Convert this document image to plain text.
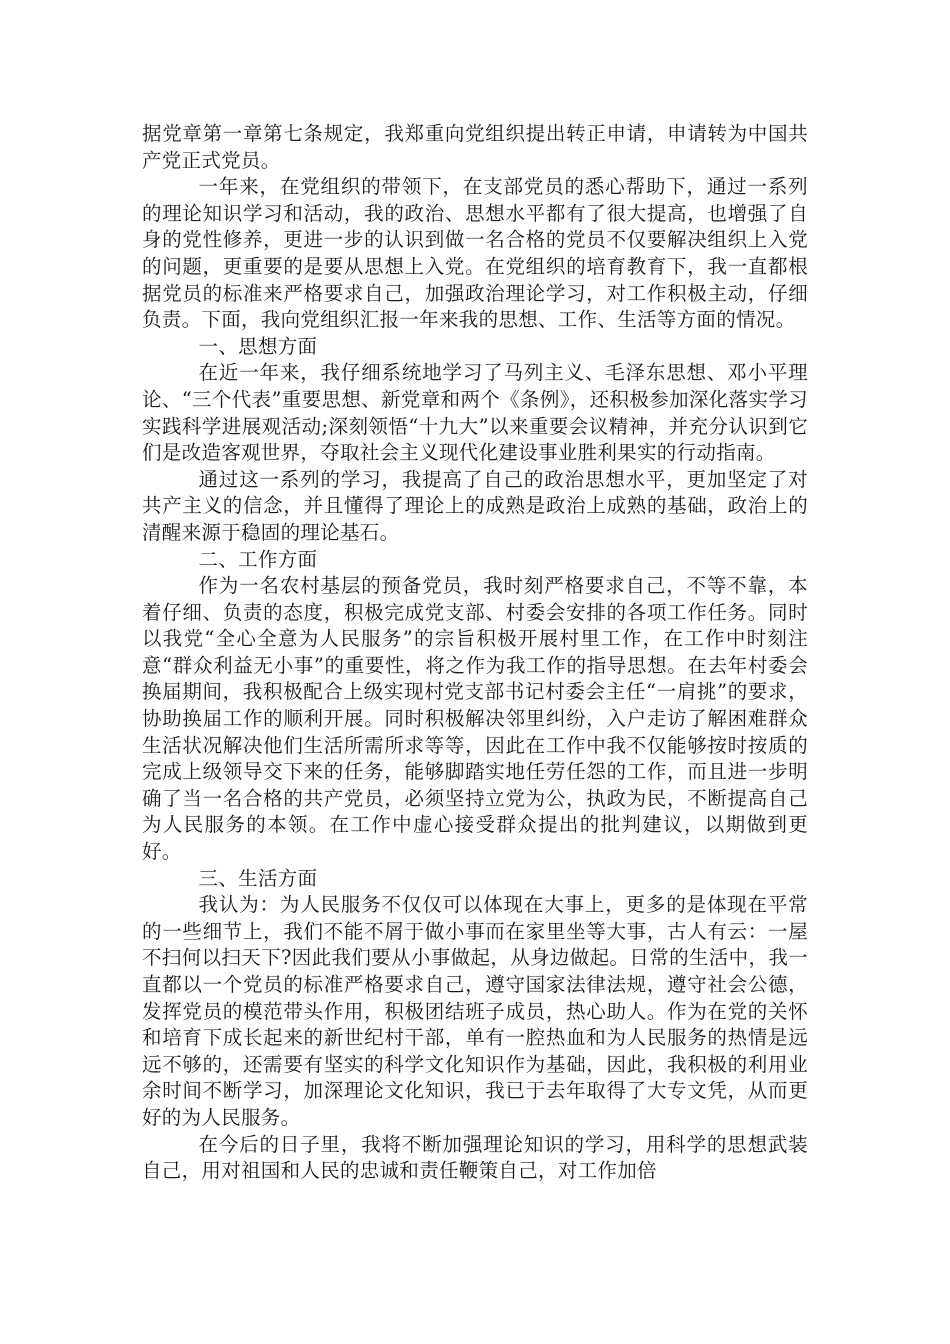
据党章第一章第七条规定，我郑重向党组织提出转正申请，申请转为中国共产党正式党员。

一年来，在党组织的带领下，在支部党员的悉心帮助下，通过一系列的理论知识学习和活动，我的政治、思想水平都有了很大提高，也增强了自身的党性修养，更进一步的认识到做一名合格的党员不仅要解决组织上入党的问题，更重要的是要从思想上入党。在党组织的培育教育下，我一直都根据党员的标准来严格要求自己，加强政治理论学习，对工作积极主动，仔细负责。下面，我向党组织汇报一年来我的思想、工作、生活等方面的情况。

一、思想方面

在近一年来，我仔细系统地学习了马列主义、毛泽东思想、邓小平理论、“三个代表”重要思想、新党章和两个《条例》，还积极参加深化落实学习实践科学进展观活动;深刻领悟“十九大”以来重要会议精神，并充分认识到它们是改造客观世界，夺取社会主义现代化建设事业胜利果实的行动指南。

通过这一系列的学习，我提高了自己的政治思想水平，更加坚定了对共产主义的信念，并且懂得了理论上的成熟是政治上成熟的基础，政治上的清醒来源于稳固的理论基石。

二、工作方面

作为一名农村基层的预备党员，我时刻严格要求自己，不等不靠，本着仔细、负责的态度，积极完成党支部、村委会安排的各项工作任务。同时以我党“全心全意为人民服务”的宗旨积极开展村里工作，在工作中时刻注意“群众利益无小事”的重要性，将之作为我工作的指导思想。在去年村委会换届期间，我积极配合上级实现村党支部书记村委会主任“一肩挑”的要求，协助换届工作的顺利开展。同时积极解决邻里纠纷，入户走访了解困难群众生活状况解决他们生活所需所求等等，因此在工作中我不仅能够按时按质的完成上级领导交下来的任务，能够脚踏实地任劳任怨的工作，而且进一步明确了当一名合格的共产党员，必须坚持立党为公，执政为民，不断提高自己为人民服务的本领。在工作中虚心接受群众提出的批判建议，以期做到更好。

三、生活方面

我认为：为人民服务不仅仅可以体现在大事上，更多的是体现在平常的一些细节上，我们不能不屑于做小事而在家里坐等大事，古人有云：一屋不扫何以扫天下?因此我们要从小事做起，从身边做起。日常的生活中，我一直都以一个党员的标准严格要求自己，遵守国家法律法规，遵守社会公德，发挥党员的模范带头作用，积极团结班子成员，热心助人。作为在党的关怀和培育下成长起来的新世纪村干部，单有一腔热血和为人民服务的热情是远远不够的，还需要有坚实的科学文化知识作为基础，因此，我积极的利用业余时间不断学习，加深理论文化知识，我已于去年取得了大专文凭，从而更好的为人民服务。

在今后的日子里，我将不断加强理论知识的学习，用科学的思想武装自己，用对祖国和人民的忠诚和责任鞭策自己，对工作加倍
